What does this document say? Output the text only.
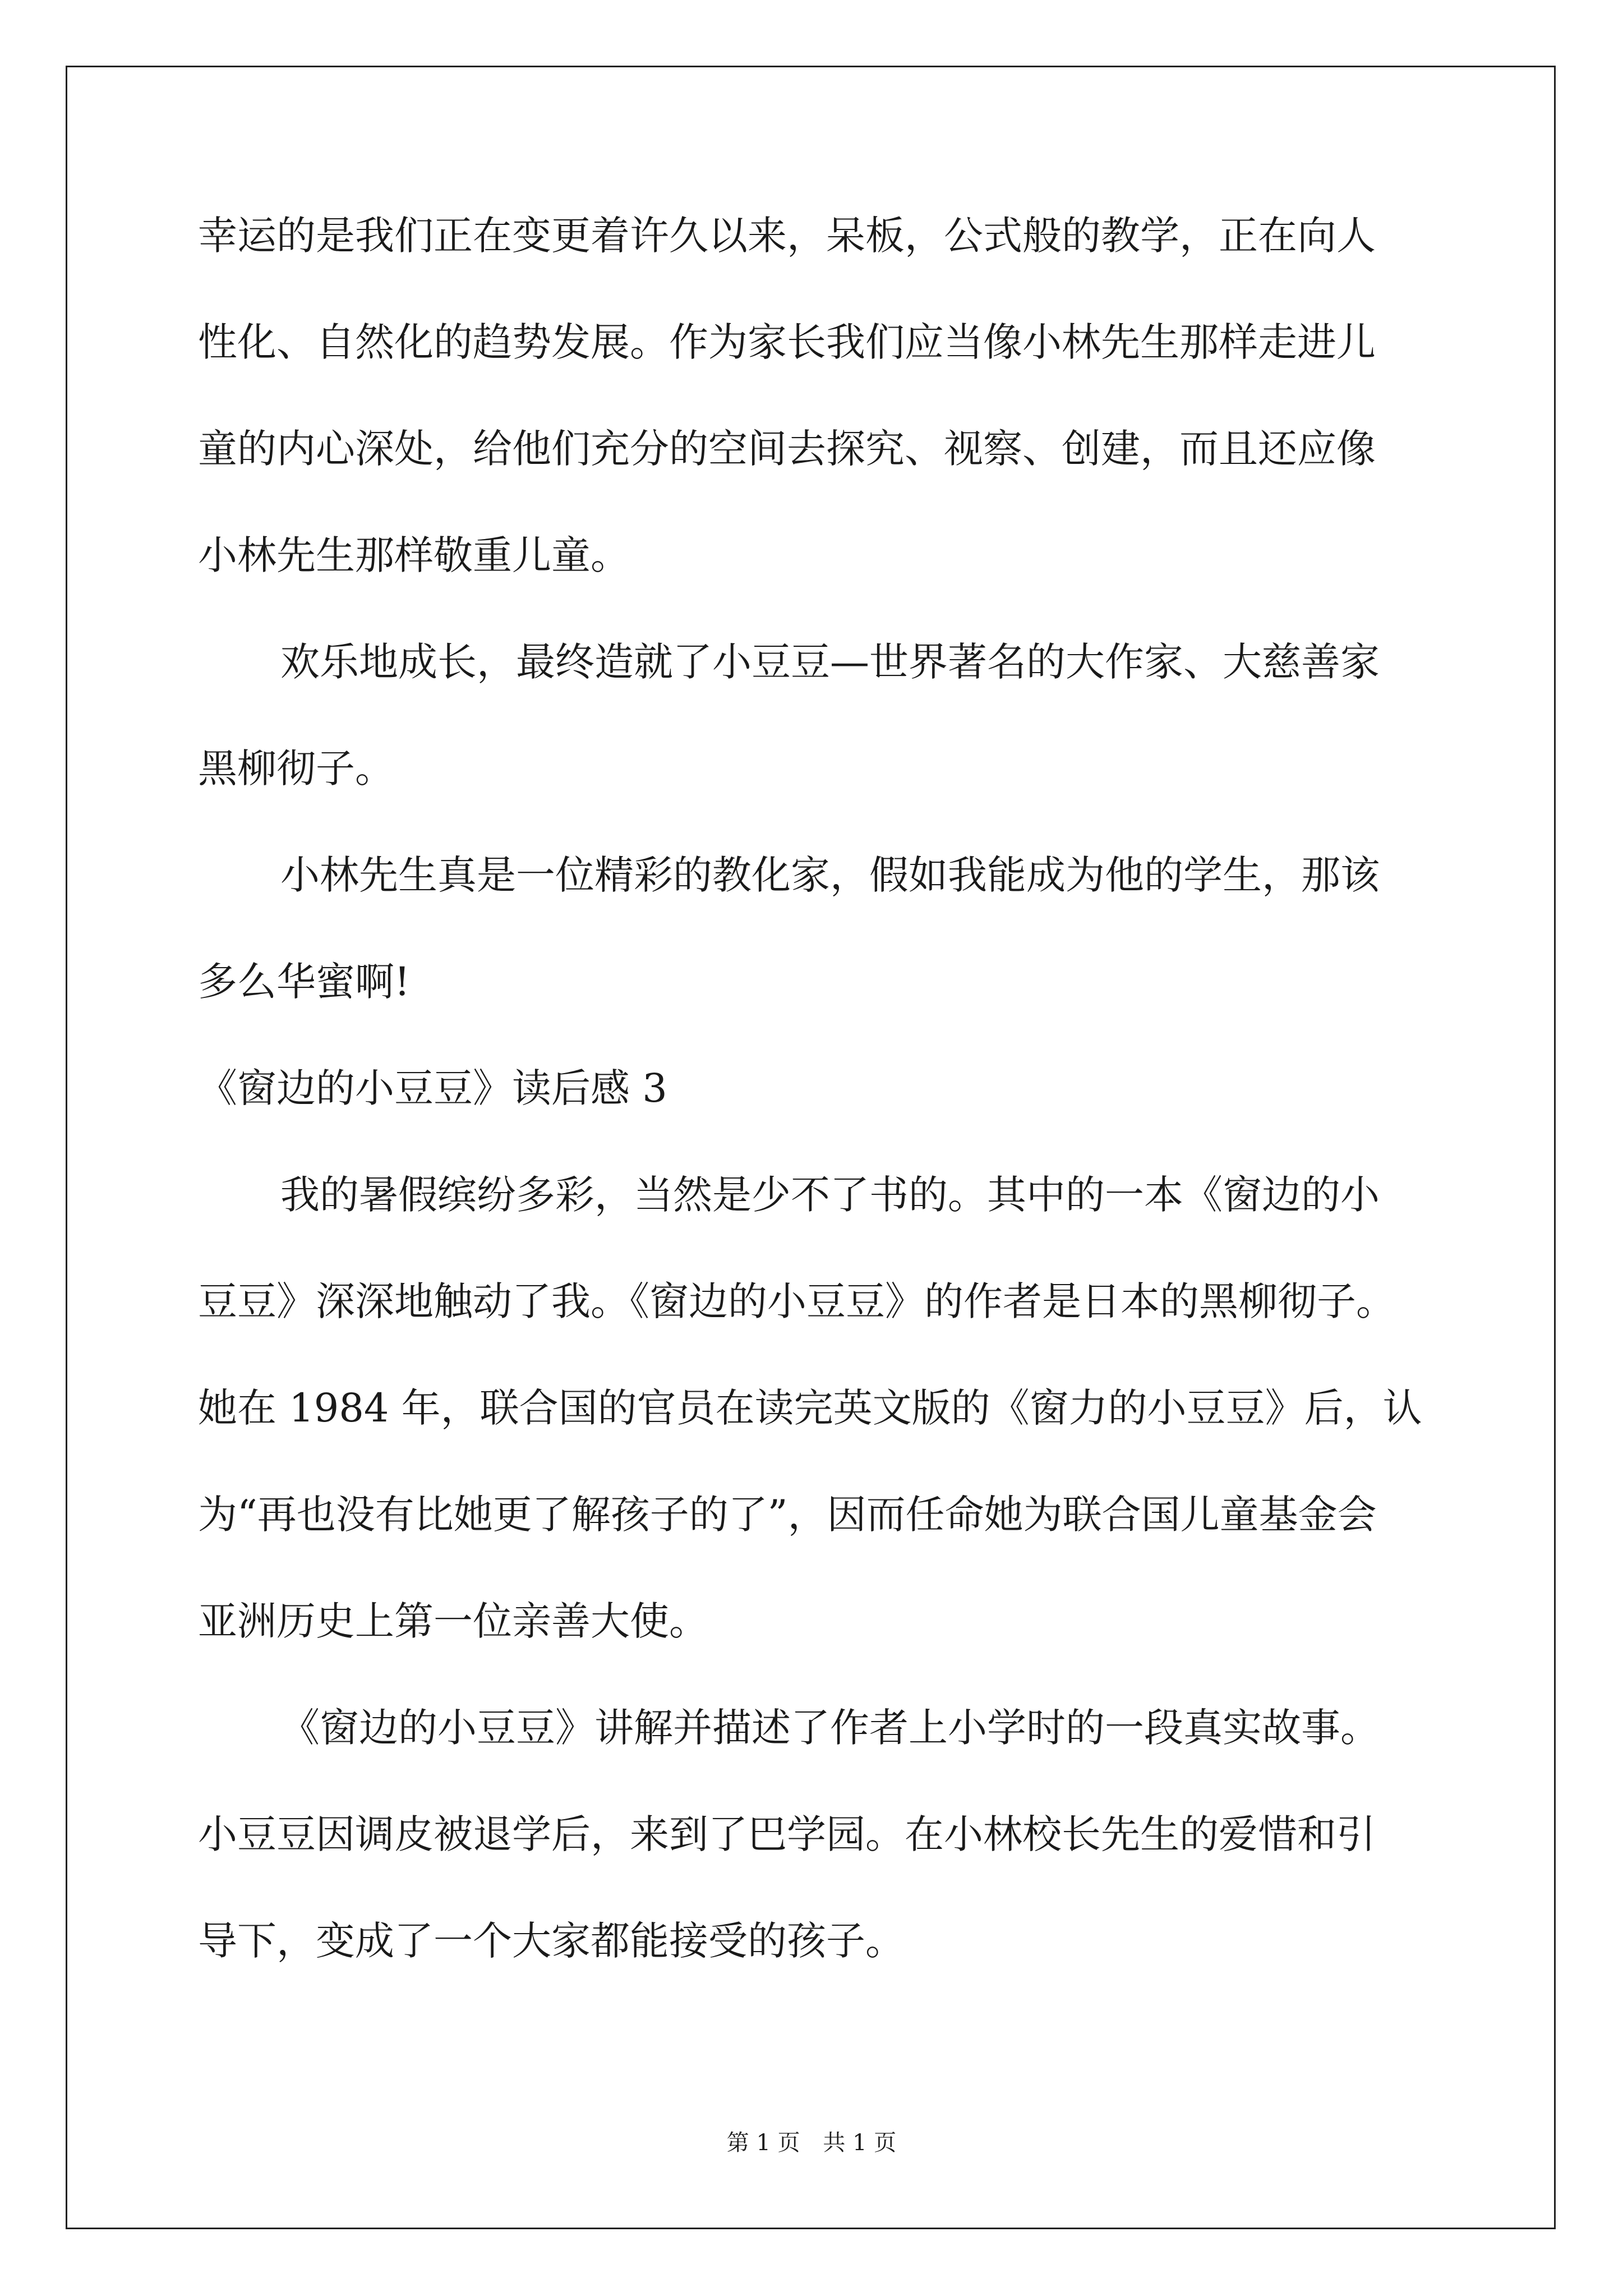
幸运的是我们正在变更着许久以来，呆板，公式般的教学，正在向人
性化、自然化的趋势发展。作为家长我们应当像小林先生那样走进儿
童的内心深处，给他们充分的空间去探究、视察、创建，而且还应像
小林先生那样敬重儿童。
欢乐地成长，最终造就了小豆豆—世界著名的大作家、大慈善家
黑柳彻子。
小林先生真是一位精彩的教化家，假如我能成为他的学生，那该
多么华蜜啊!
《窗边的小豆豆》读后感 3
我的暑假缤纷多彩，当然是少不了书的。其中的一本《窗边的小
豆豆》深深地触动了我。《窗边的小豆豆》的作者是日本的黑柳彻子。
她在 1984 年，联合国的官员在读完英文版的《窗力的小豆豆》后，认
为“再也没有比她更了解孩子的了”，因而任命她为联合国儿童基金会
亚洲历史上第一位亲善大使。
《窗边的小豆豆》讲解并描述了作者上小学时的一段真实故事。
小豆豆因调皮被退学后，来到了巴学园。在小林校长先生的爱惜和引
导下，变成了一个大家都能接受的孩子。
第 1 页 共 1 页
